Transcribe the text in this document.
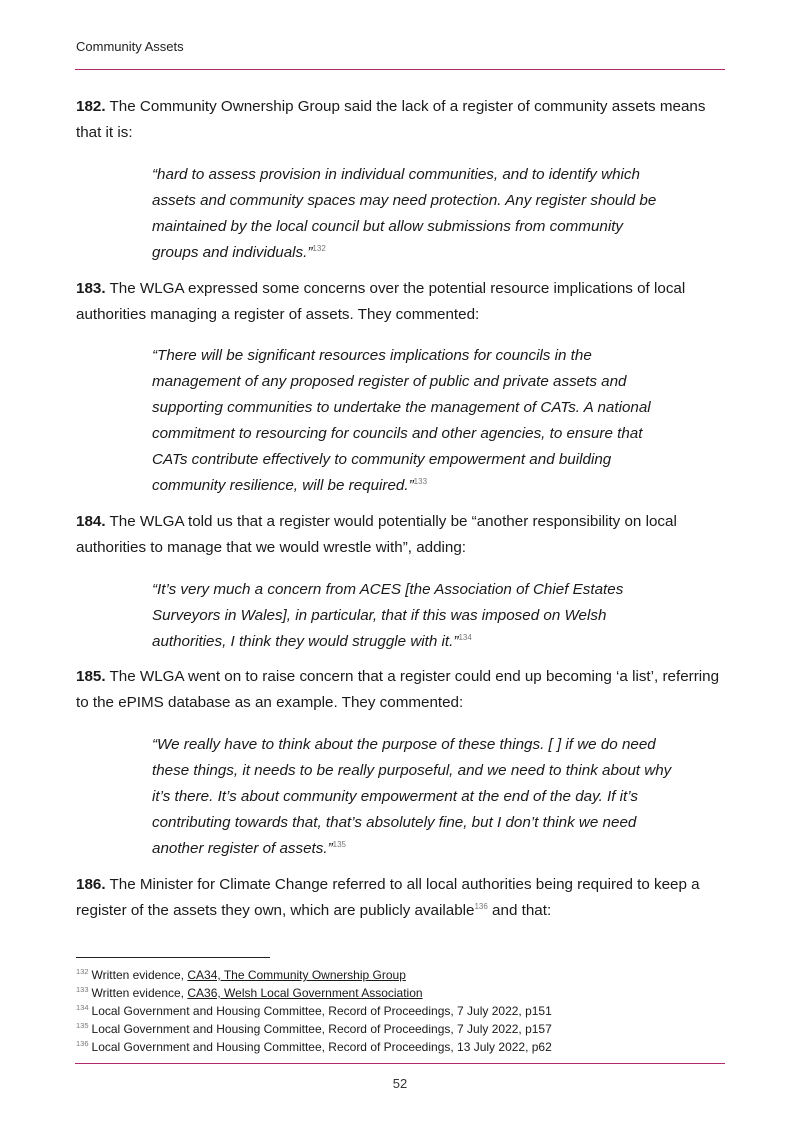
Community Assets

182. The Community Ownership Group said the lack of a register of community assets means that it is:

“hard to assess provision in individual communities, and to identify which assets and community spaces may need protection. Any register should be maintained by the local council but allow submissions from community groups and individuals.”$^{132}$

183. The WLGA expressed some concerns over the potential resource implications of local authorities managing a register of assets. They commented:

“There will be significant resources implications for councils in the management of any proposed register of public and private assets and supporting communities to undertake the management of CATs. A national commitment to resourcing for councils and other agencies, to ensure that CATs contribute effectively to community empowerment and building community resilience, will be required.”$^{133}$

184. The WLGA told us that a register would potentially be “another responsibility on local authorities to manage that we would wrestle with”, adding:

“It’s very much a concern from ACES [the Association of Chief Estates Surveyors in Wales], in particular, that if this was imposed on Welsh authorities, I think they would struggle with it.”$^{134}$

185. The WLGA went on to raise concern that a register could end up becoming ‘a list’, referring to the ePIMS database as an example. They commented:

“We really have to think about the purpose of these things. [ ] if we do need these things, it needs to be really purposeful, and we need to think about why it’s there. It’s about community empowerment at the end of the day. If it’s contributing towards that, that’s absolutely fine, but I don’t think we need another register of assets.”$^{135}$

186. The Minister for Climate Change referred to all local authorities being required to keep a register of the assets they own, which are publicly available$^{136}$ and that:

$^{132}$ Written evidence, CA34, The Community Ownership Group
$^{133}$ Written evidence, CA36, Welsh Local Government Association
$^{134}$ Local Government and Housing Committee, Record of Proceedings, 7 July 2022, p151
$^{135}$ Local Government and Housing Committee, Record of Proceedings, 7 July 2022, p157
$^{136}$ Local Government and Housing Committee, Record of Proceedings, 13 July 2022, p62
52
